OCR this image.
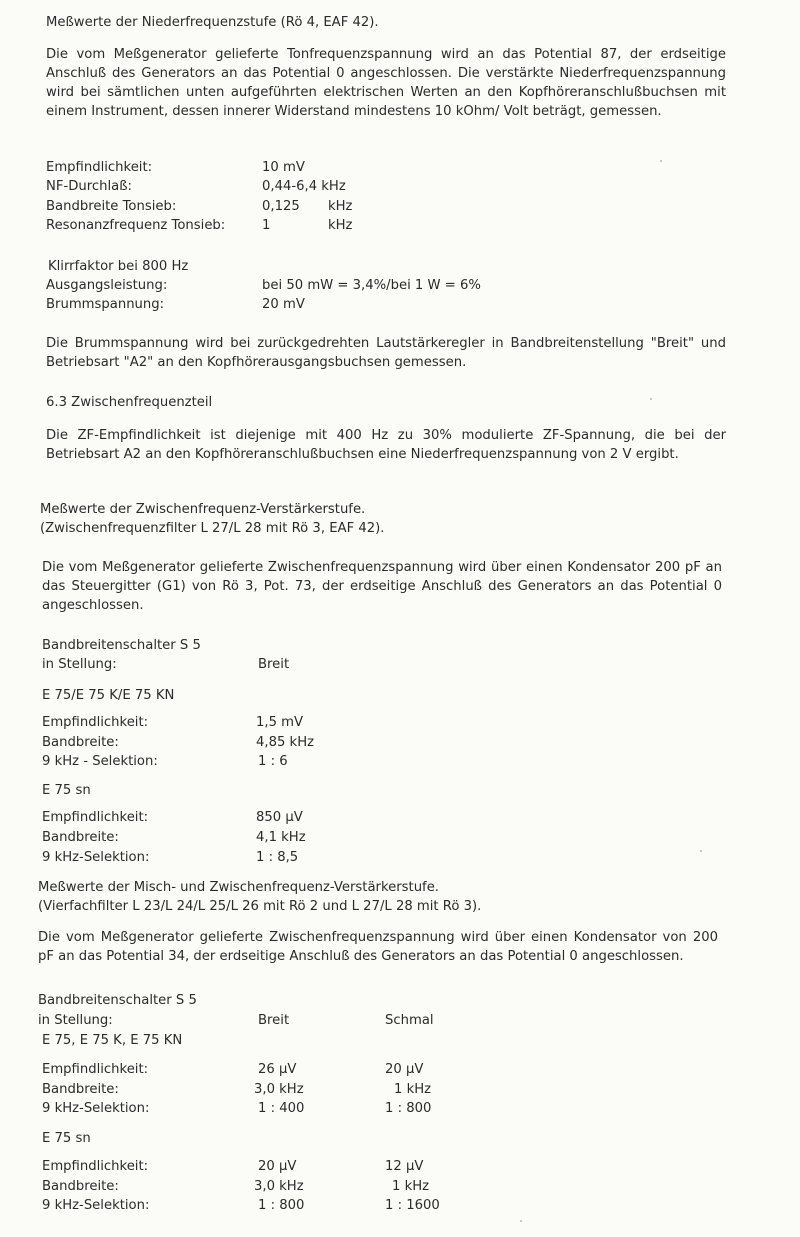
Meßwerte der Niederfrequenzstufe (Rö 4, EAF 42).
Die vom Meßgenerator gelieferte Tonfrequenzspannung wird an das Potential 87, der erdseitige Anschluß des Generators an das Potential 0 angeschlossen. Die verstärkte Niederfrequenzspannung wird bei sämtlichen unten aufgeführten elektrischen Werten an den Kopfhöreranschlußbuchsen mit einem Instrument, dessen innerer Widerstand mindestens 10 kOhm/ Volt beträgt, gemessen.
Empfindlichkeit:	10 mV
NF-Durchlaß:	0,44-6,4 kHz
Bandbreite Tonsieb:	0,125 kHz
Resonanzfrequenz Tonsieb:	1	kHz
Klirrfaktor bei 800 Hz
Ausgangsleistung:	bei 50 mW = 3,4%/bei 1 W = 6%
Brummspannung:	20 mV
Die Brummspannung wird bei zurückgedrehten Lautstärkeregler in Bandbreitenstellung "Breit" und Betriebsart "A2" an den Kopfhörerausgangsbuchsen gemessen.
6.3 Zwischenfrequenzteil
Die ZF-Empfindlichkeit ist diejenige mit 400 Hz zu 30% modulierte ZF-Spannung, die bei der Betriebsart A2 an den Kopfhöreranschlußbuchsen eine Niederfrequenzspannung von 2 V ergibt.
Meßwerte der Zwischenfrequenz-Verstärkerstufe.
(Zwischenfrequenzfilter L 27/L 28 mit Rö 3, EAF 42).
Die vom Meßgenerator gelieferte Zwischenfrequenzspannung wird über einen Kondensator 200 pF an das Steuergitter (G1) von Rö 3, Pot. 73, der erdseitige Anschluß des Generators an das Potential 0 angeschlossen.
Bandbreitenschalter S 5
in Stellung:	Breit
E 75/E 75 K/E 75 KN
Empfindlichkeit:	1,5 mV
Bandbreite:	4,85 kHz
9 kHz - Selektion:	1 : 6
E 75 sn
Empfindlichkeit:	850 µV
Bandbreite:	4,1 kHz
9 kHz-Selektion:	1 : 8,5
Meßwerte der Misch- und Zwischenfrequenz-Verstärkerstufe.
(Vierfachfilter L 23/L 24/L 25/L 26 mit Rö 2 und L 27/L 28 mit Rö 3).
Die vom Meßgenerator gelieferte Zwischenfrequenzspannung wird über einen Kondensator von 200 pF an das Potential 34, der erdseitige Anschluß des Generators an das Potential 0 angeschlossen.
Bandbreitenschalter S 5
in Stellung:	Breit	Schmal
E 75, E 75 K, E 75 KN
Empfindlichkeit:	26 µV	20 µV
Bandbreite:	3,0 kHz	1 kHz
9 kHz-Selektion:	1 : 400	1 : 800
E 75 sn
Empfindlichkeit:	20 µV	12 µV
Bandbreite:	3,0 kHz	1 kHz
9 kHz-Selektion:	1 : 800	1 : 1600
